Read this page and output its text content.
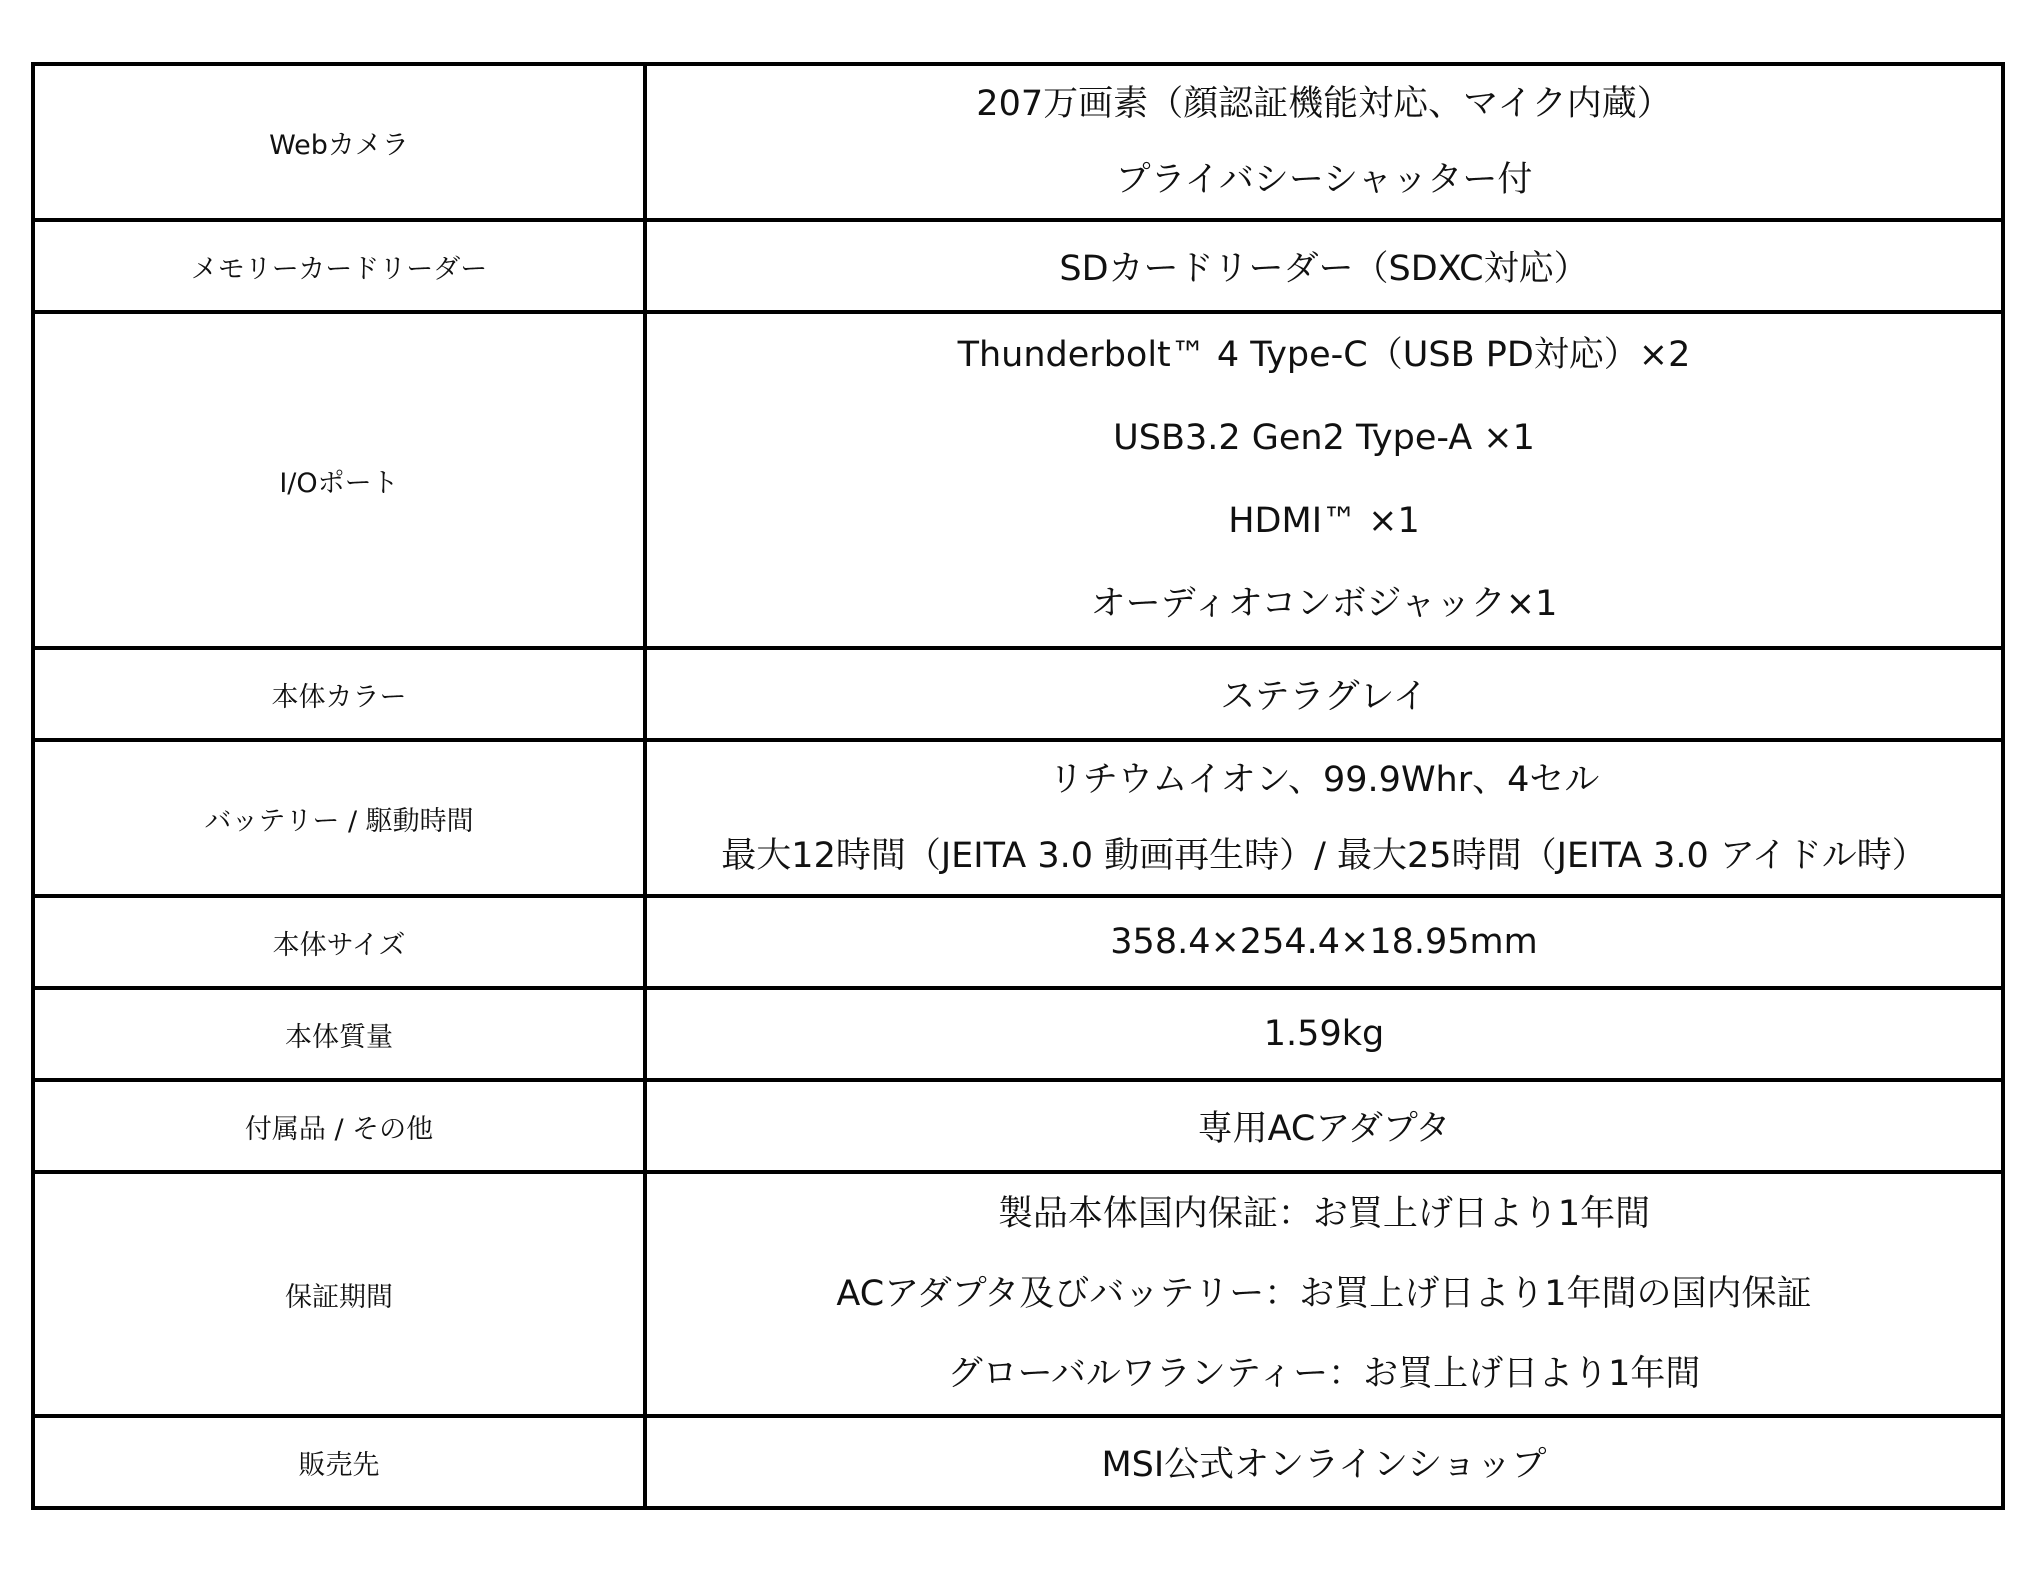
Webカメラ	207万画素（顔認証機能対応、マイク内蔵）
プライバシーシャッター付

メモリーカードリーダー	SDカードリーダー（SDXC対応）

I/Oポート	Thunderbolt™ 4 Type-C（USB PD対応）×2
USB3.2 Gen2 Type-A ×1
HDMI™ ×1
オーディオコンボジャック×1

本体カラー	ステラグレイ

バッテリー / 駆動時間	リチウムイオン、99.9Whr、4セル
最大12時間（JEITA 3.0 動画再生時）/ 最大25時間（JEITA 3.0 アイドル時）

本体サイズ	358.4×254.4×18.95mm

本体質量	1.59kg

付属品 / その他	専用ACアダプタ

保証期間	製品本体国内保証：お買上げ日より1年間
ACアダプタ及びバッテリー：お買上げ日より1年間の国内保証
グローバルワランティー：お買上げ日より1年間

販売先	MSI公式オンラインショップ
